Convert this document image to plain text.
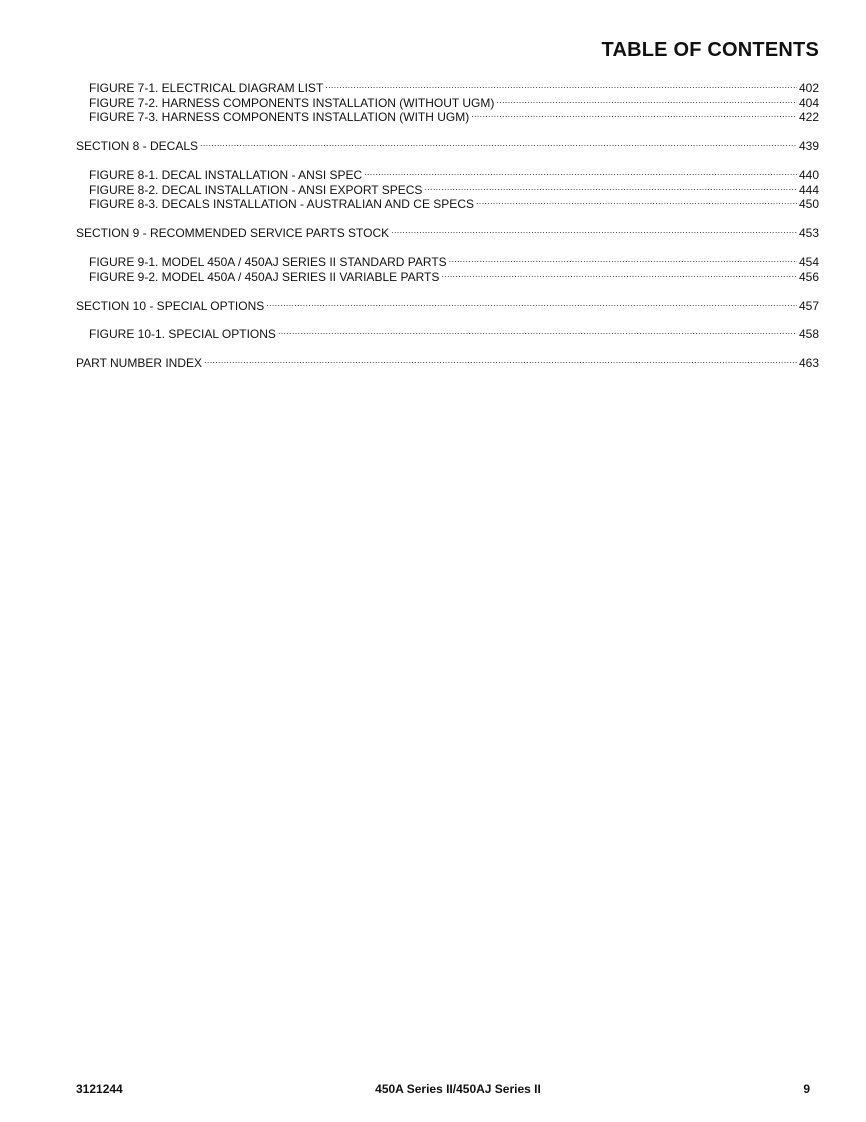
TABLE OF CONTENTS
FIGURE 7-1. ELECTRICAL DIAGRAM LIST .....	402
FIGURE 7-2. HARNESS COMPONENTS INSTALLATION (WITHOUT UGM) .....	404
FIGURE 7-3. HARNESS COMPONENTS INSTALLATION (WITH UGM) .....	422
SECTION 8 - DECALS .....	439
FIGURE 8-1. DECAL INSTALLATION - ANSI SPEC .....	440
FIGURE 8-2. DECAL INSTALLATION - ANSI EXPORT SPECS .....	444
FIGURE 8-3. DECALS INSTALLATION - AUSTRALIAN AND CE SPECS .....	450
SECTION 9 - RECOMMENDED SERVICE PARTS STOCK .....	453
FIGURE 9-1. MODEL 450A / 450AJ SERIES II STANDARD PARTS .....	454
FIGURE 9-2. MODEL 450A / 450AJ SERIES II VARIABLE PARTS .....	456
SECTION 10 - SPECIAL OPTIONS .....	457
FIGURE 10-1. SPECIAL OPTIONS .....	458
PART NUMBER INDEX .....	463
3121244	450A Series II/450AJ Series II	9
